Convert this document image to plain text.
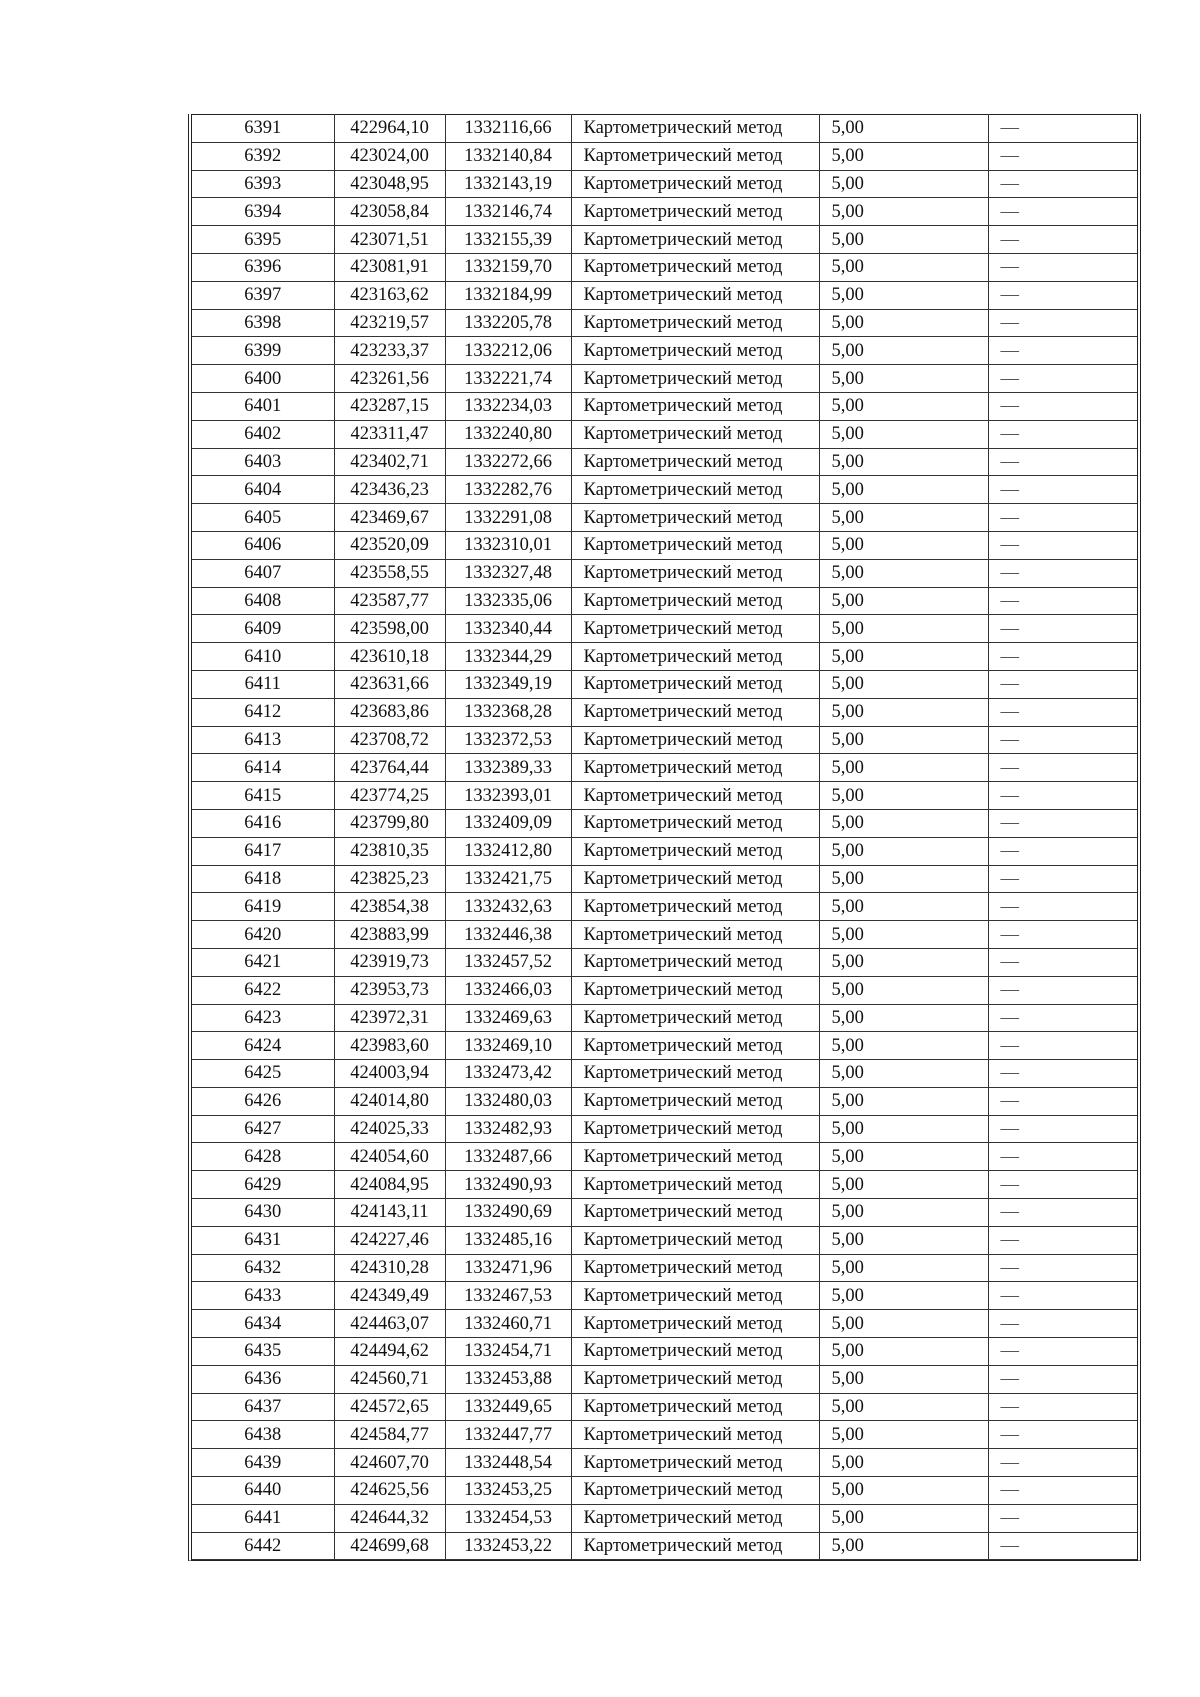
6391	422964,10	1332116,66	Картометрический метод	5,00	—
6392	423024,00	1332140,84	Картометрический метод	5,00	—
6393	423048,95	1332143,19	Картометрический метод	5,00	—
6394	423058,84	1332146,74	Картометрический метод	5,00	—
6395	423071,51	1332155,39	Картометрический метод	5,00	—
6396	423081,91	1332159,70	Картометрический метод	5,00	—
6397	423163,62	1332184,99	Картометрический метод	5,00	—
6398	423219,57	1332205,78	Картометрический метод	5,00	—
6399	423233,37	1332212,06	Картометрический метод	5,00	—
6400	423261,56	1332221,74	Картометрический метод	5,00	—
6401	423287,15	1332234,03	Картометрический метод	5,00	—
6402	423311,47	1332240,80	Картометрический метод	5,00	—
6403	423402,71	1332272,66	Картометрический метод	5,00	—
6404	423436,23	1332282,76	Картометрический метод	5,00	—
6405	423469,67	1332291,08	Картометрический метод	5,00	—
6406	423520,09	1332310,01	Картометрический метод	5,00	—
6407	423558,55	1332327,48	Картометрический метод	5,00	—
6408	423587,77	1332335,06	Картометрический метод	5,00	—
6409	423598,00	1332340,44	Картометрический метод	5,00	—
6410	423610,18	1332344,29	Картометрический метод	5,00	—
6411	423631,66	1332349,19	Картометрический метод	5,00	—
6412	423683,86	1332368,28	Картометрический метод	5,00	—
6413	423708,72	1332372,53	Картометрический метод	5,00	—
6414	423764,44	1332389,33	Картометрический метод	5,00	—
6415	423774,25	1332393,01	Картометрический метод	5,00	—
6416	423799,80	1332409,09	Картометрический метод	5,00	—
6417	423810,35	1332412,80	Картометрический метод	5,00	—
6418	423825,23	1332421,75	Картометрический метод	5,00	—
6419	423854,38	1332432,63	Картометрический метод	5,00	—
6420	423883,99	1332446,38	Картометрический метод	5,00	—
6421	423919,73	1332457,52	Картометрический метод	5,00	—
6422	423953,73	1332466,03	Картометрический метод	5,00	—
6423	423972,31	1332469,63	Картометрический метод	5,00	—
6424	423983,60	1332469,10	Картометрический метод	5,00	—
6425	424003,94	1332473,42	Картометрический метод	5,00	—
6426	424014,80	1332480,03	Картометрический метод	5,00	—
6427	424025,33	1332482,93	Картометрический метод	5,00	—
6428	424054,60	1332487,66	Картометрический метод	5,00	—
6429	424084,95	1332490,93	Картометрический метод	5,00	—
6430	424143,11	1332490,69	Картометрический метод	5,00	—
6431	424227,46	1332485,16	Картометрический метод	5,00	—
6432	424310,28	1332471,96	Картометрический метод	5,00	—
6433	424349,49	1332467,53	Картометрический метод	5,00	—
6434	424463,07	1332460,71	Картометрический метод	5,00	—
6435	424494,62	1332454,71	Картометрический метод	5,00	—
6436	424560,71	1332453,88	Картометрический метод	5,00	—
6437	424572,65	1332449,65	Картометрический метод	5,00	—
6438	424584,77	1332447,77	Картометрический метод	5,00	—
6439	424607,70	1332448,54	Картометрический метод	5,00	—
6440	424625,56	1332453,25	Картометрический метод	5,00	—
6441	424644,32	1332454,53	Картометрический метод	5,00	—
6442	424699,68	1332453,22	Картометрический метод	5,00	—
